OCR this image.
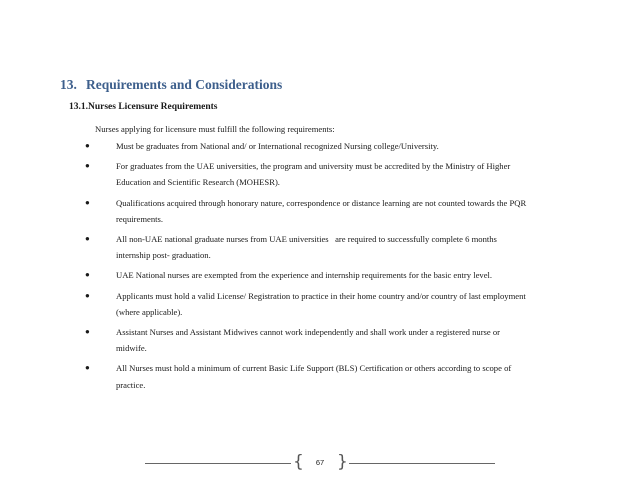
13. Requirements and Considerations
13.1.Nurses Licensure Requirements

Nurses applying for licensure must fulfill the following requirements:

●	Must be graduates from National and/ or International recognized Nursing college/University.
●	For graduates from the UAE universities, the program and university must be accredited by the Ministry of Higher
Education and Scientific Research (MOHESR).
●	Qualifications acquired through honorary nature, correspondence or distance learning are not counted towards the PQR
requirements.
●	All non-UAE national graduate nurses from UAE universities   are required to successfully complete 6 months
internship post- graduation.
●	UAE National nurses are exempted from the experience and internship requirements for the basic entry level.
●	Applicants must hold a valid License/ Registration to practice in their home country and/or country of last employment
(where applicable).
●	Assistant Nurses and Assistant Midwives cannot work independently and shall work under a registered nurse or
midwife.
●	All Nurses must hold a minimum of current Basic Life Support (BLS) Certification or others according to scope of
practice.
{	67 }
